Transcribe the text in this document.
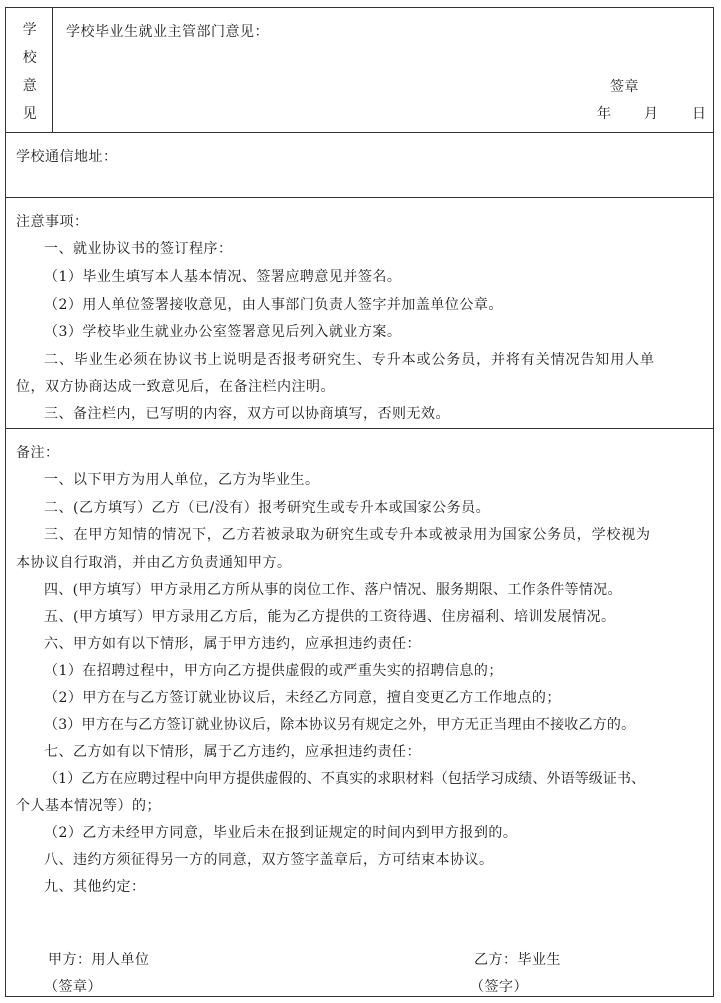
学
校
意
见
学校毕业生就业主管部门意见：
签章
年 月 日
学校通信地址：
注意事项：
一、就业协议书的签订程序：
（1）毕业生填写本人基本情况、签署应聘意见并签名。
（2）用人单位签署接收意见，由人事部门负责人签字并加盖单位公章。
（3）学校毕业生就业办公室签署意见后列入就业方案。
二、毕业生必须在协议书上说明是否报考研究生、专升本或公务员，并将有关情况告知用人单
位，双方协商达成一致意见后，在备注栏内注明。
三、备注栏内，已写明的内容，双方可以协商填写，否则无效。
备注：
一、以下甲方为用人单位，乙方为毕业生。
二、(乙方填写）乙方（已/没有）报考研究生或专升本或国家公务员。
三、在甲方知情的情况下，乙方若被录取为研究生或专升本或被录用为国家公务员，学校视为
本协议自行取消，并由乙方负责通知甲方。
四、(甲方填写）甲方录用乙方所从事的岗位工作、落户情况、服务期限、工作条件等情况。
五、(甲方填写）甲方录用乙方后，能为乙方提供的工资待遇、住房福利、培训发展情况。
六、甲方如有以下情形，属于甲方违约，应承担违约责任：
（1）在招聘过程中，甲方向乙方提供虚假的或严重失实的招聘信息的；
（2）甲方在与乙方签订就业协议后，未经乙方同意，擅自变更乙方工作地点的；
（3）甲方在与乙方签订就业协议后，除本协议另有规定之外，甲方无正当理由不接收乙方的。
七、乙方如有以下情形，属于乙方违约，应承担违约责任：
（1）乙方在应聘过程中向甲方提供虚假的、不真实的求职材料（包括学习成绩、外语等级证书、
个人基本情况等）的；
（2）乙方未经甲方同意，毕业后未在报到证规定的时间内到甲方报到的。
八、违约方须征得另一方的同意，双方签字盖章后，方可结束本协议。
九、其他约定：
甲方：用人单位
（签章）
乙方：毕业生
（签字）
